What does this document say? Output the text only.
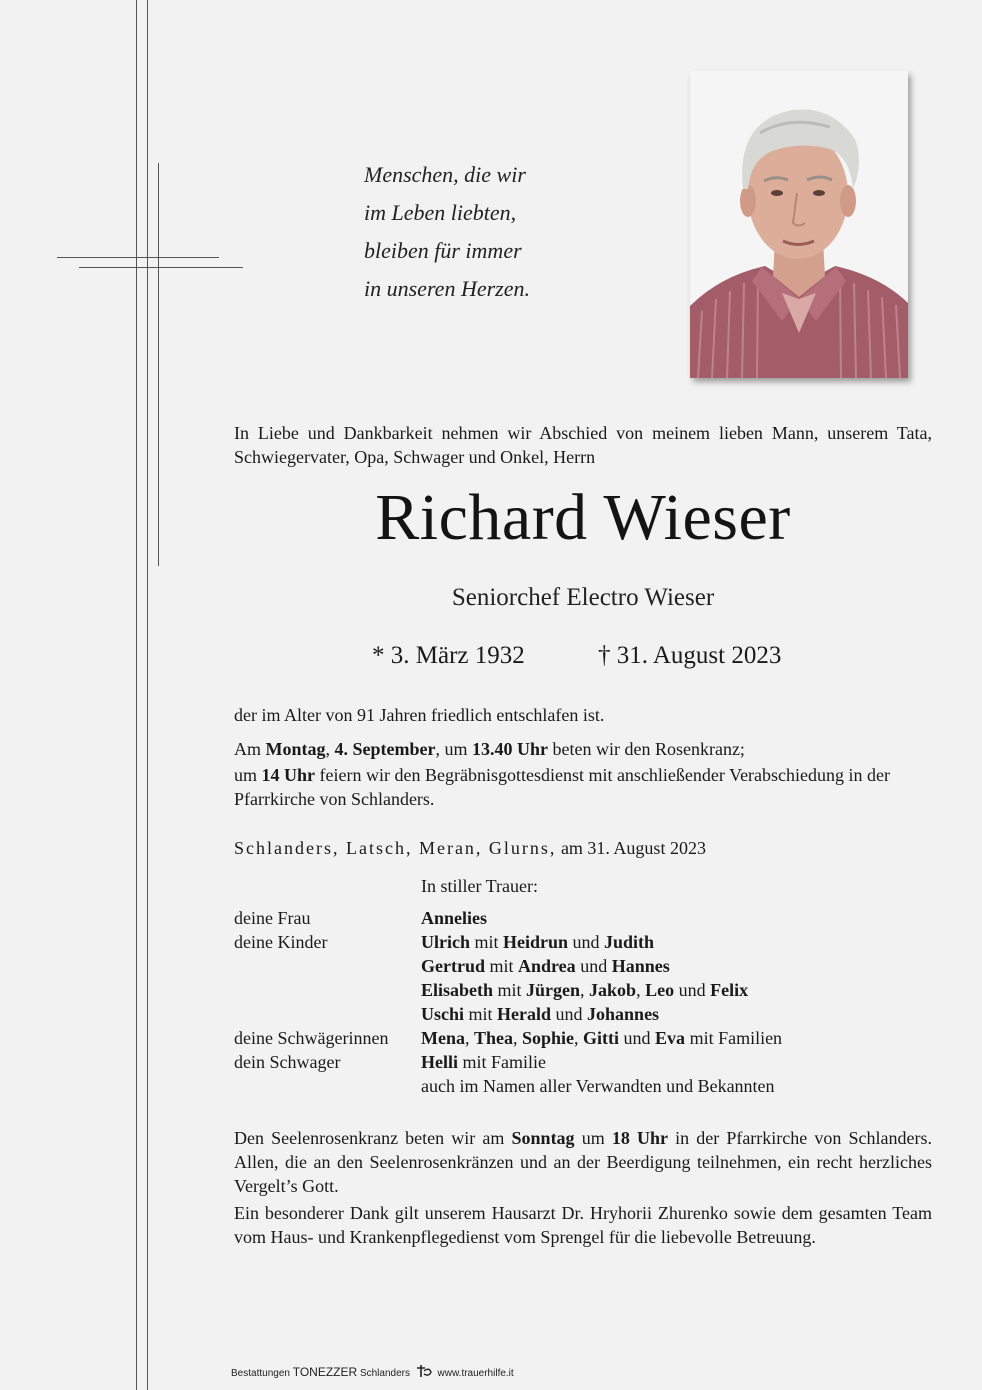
Menschen, die wir
im Leben liebten,
bleiben für immer
in unseren Herzen.
In Liebe und Dankbarkeit nehmen wir Abschied von meinem lieben Mann, unserem Tata, Schwiegervater, Opa, Schwager und Onkel, Herrn
Richard Wieser
Seniorchef Electro Wieser
* 3. März 1932	† 31. August 2023
der im Alter von 91 Jahren friedlich entschlafen ist.
Am Montag, 4. September, um 13.40 Uhr beten wir den Rosenkranz;
um 14 Uhr feiern wir den Begräbnisgottesdienst mit anschließender Verabschiedung in der Pfarrkirche von Schlanders.
Schlanders, Latsch, Meran, Glurns, am 31. August 2023
In stiller Trauer:
deine Frau
deine Kinder
deine Schwägerinnen
dein Schwager
Annelies
Ulrich mit Heidrun und Judith
Gertrud mit Andrea und Hannes
Elisabeth mit Jürgen, Jakob, Leo und Felix
Uschi mit Herald und Johannes
Mena, Thea, Sophie, Gitti und Eva mit Familien
Helli mit Familie
auch im Namen aller Verwandten und Bekannten
Den Seelenrosenkranz beten wir am Sonntag um 18 Uhr in der Pfarrkirche von Schlanders. Allen, die an den Seelenrosenkränzen und an der Beerdigung teilnehmen, ein recht herzliches Vergelt’s Gott.
Ein besonderer Dank gilt unserem Hausarzt Dr. Hryhorii Zhurenko sowie dem gesamten Team vom Haus- und Krankenpflegedienst vom Sprengel für die liebevolle Betreuung.
Bestattungen TONEZZER Schlanders	www.trauerhilfe.it
